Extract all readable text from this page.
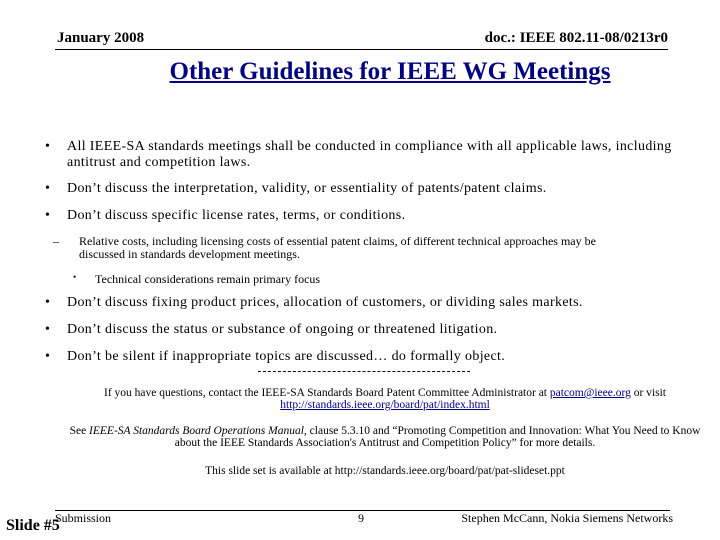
January 2008	doc.: IEEE 802.11-08/0213r0
Other Guidelines for IEEE WG Meetings
• All IEEE-SA standards meetings shall be conducted in compliance with all applicable laws, including antitrust and competition laws.
• Don’t discuss the interpretation, validity, or essentiality of patents/patent claims.
• Don’t discuss specific license rates, terms, or conditions.
• Don’t discuss fixing product prices, allocation of customers, or dividing sales markets.
• Don’t discuss the status or substance of ongoing or threatened litigation.
• Don’t be silent if inappropriate topics are discussed… do formally object.
– Relative costs, including licensing costs of essential patent claims, of different technical approaches may be discussed in standards development meetings.
• Technical considerations remain primary focus
If you have questions, contact the IEEE-SA Standards Board Patent Committee Administrator at patcom@ieee.org or visit
http://standards.ieee.org/board/pat/index.html
See IEEE-SA Standards Board Operations Manual, clause 5.3.10 and “Promoting Competition and Innovation: What You Need to Know about the IEEE Standards Association's Antitrust and Competition Policy” for more details.
This slide set is available at http://standards.ieee.org/board/pat/pat-slideset.ppt
Submission	9	Stephen McCann, Nokia Siemens Networks
Slide #5
